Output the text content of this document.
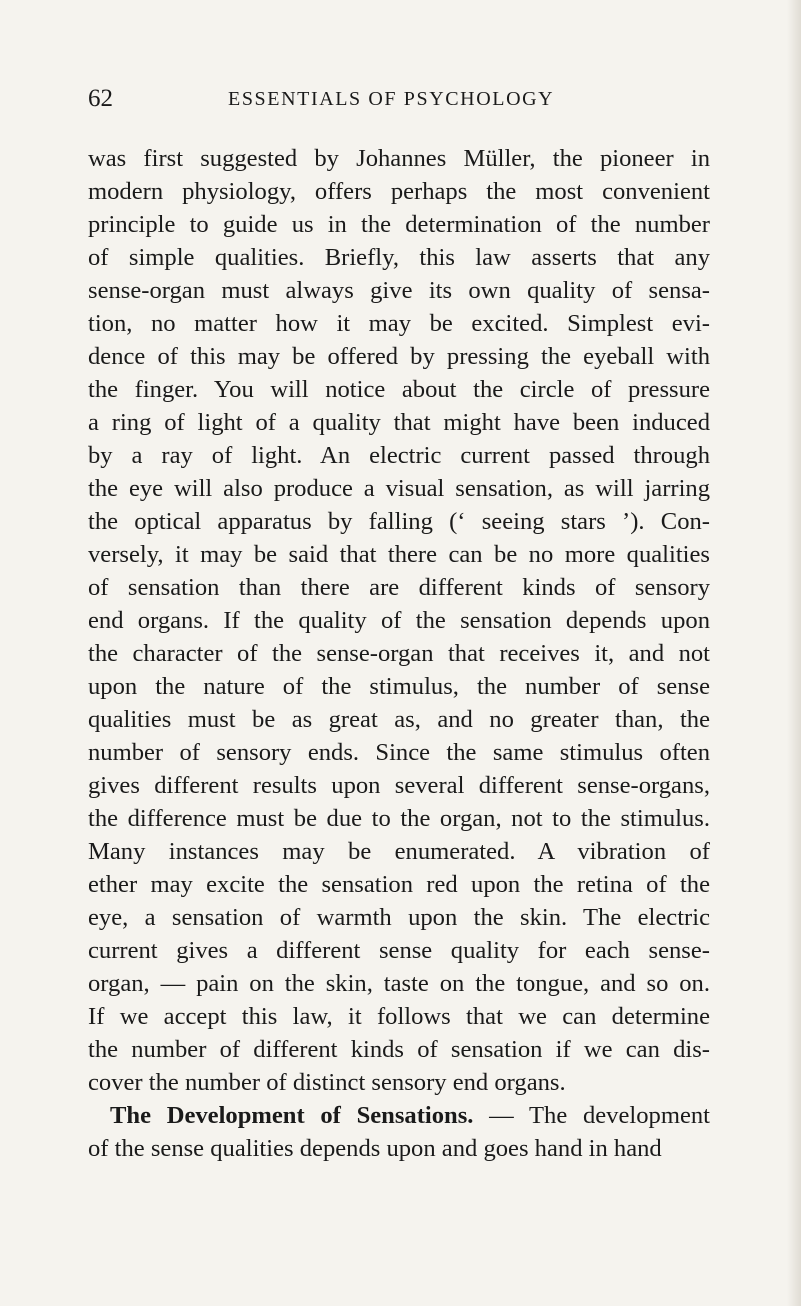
62	ESSENTIALS OF PSYCHOLOGY
was first suggested by Johannes Müller, the pioneer in
modern physiology, offers perhaps the most convenient
principle to guide us in the determination of the number
of simple qualities. Briefly, this law asserts that any
sense-organ must always give its own quality of sensa-
tion, no matter how it may be excited. Simplest evi-
dence of this may be offered by pressing the eyeball with
the finger. You will notice about the circle of pressure
a ring of light of a quality that might have been induced
by a ray of light. An electric current passed through
the eye will also produce a visual sensation, as will jarring
the optical apparatus by falling (‘ seeing stars ’). Con-
versely, it may be said that there can be no more qualities
of sensation than there are different kinds of sensory
end organs. If the quality of the sensation depends upon
the character of the sense-organ that receives it, and not
upon the nature of the stimulus, the number of sense
qualities must be as great as, and no greater than, the
number of sensory ends. Since the same stimulus often
gives different results upon several different sense-organs,
the difference must be due to the organ, not to the stimulus.
Many instances may be enumerated. A vibration of
ether may excite the sensation red upon the retina of the
eye, a sensation of warmth upon the skin. The electric
current gives a different sense quality for each sense-
organ, — pain on the skin, taste on the tongue, and so on.
If we accept this law, it follows that we can determine
the number of different kinds of sensation if we can dis-
cover the number of distinct sensory end organs.
The Development of Sensations. — The development
of the sense qualities depends upon and goes hand in hand
